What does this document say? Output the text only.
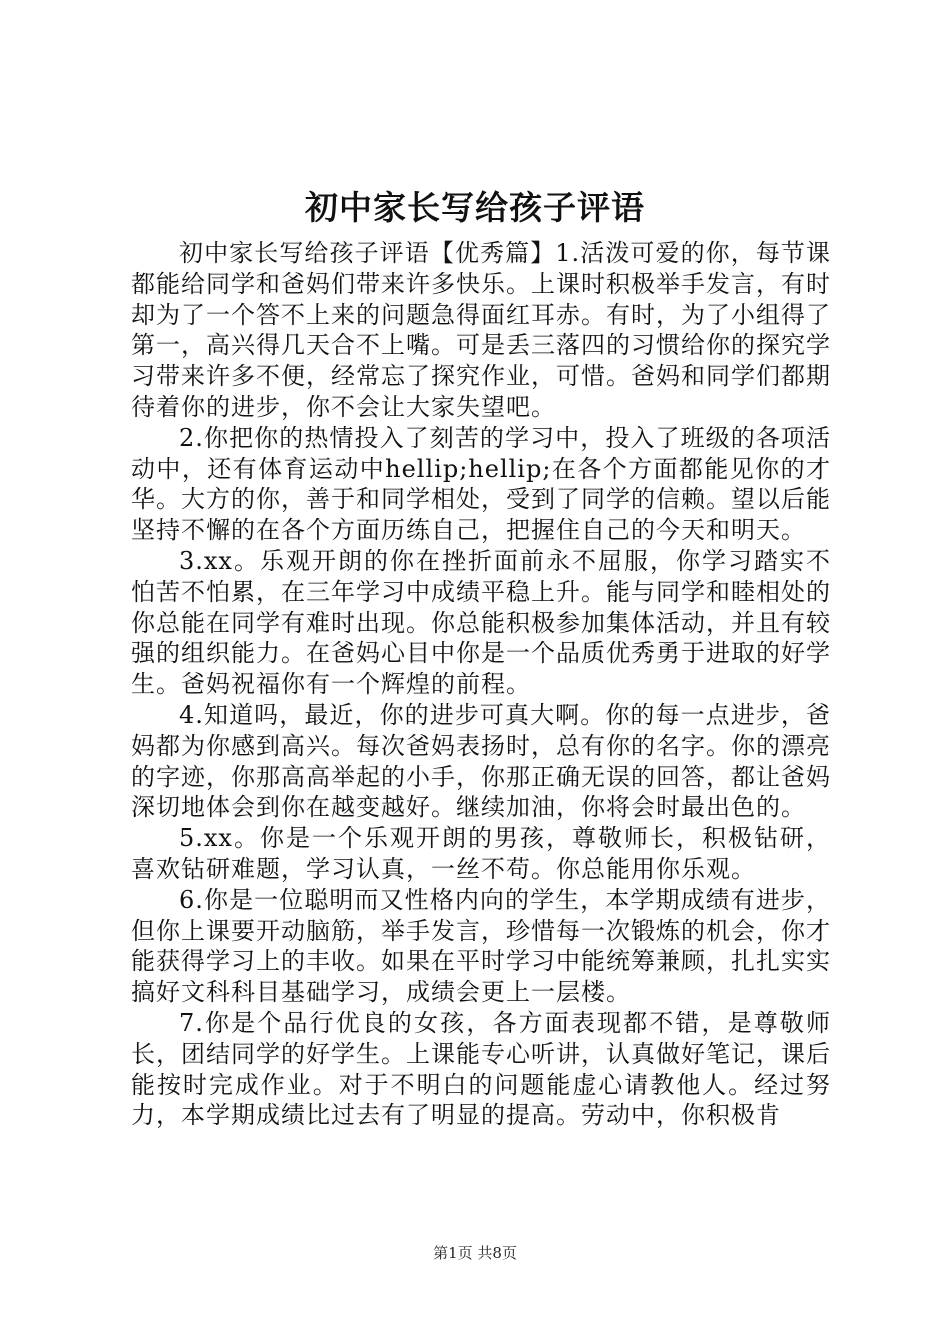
初中家长写给孩子评语

初中家长写给孩子评语【优秀篇】1.活泼可爱的你，每节课都能给同学和爸妈们带来许多快乐。上课时积极举手发言，有时却为了一个答不上来的问题急得面红耳赤。有时，为了小组得了第一，高兴得几天合不上嘴。可是丢三落四的习惯给你的探究学习带来许多不便，经常忘了探究作业，可惜。爸妈和同学们都期待着你的进步，你不会让大家失望吧。

2.你把你的热情投入了刻苦的学习中，投入了班级的各项活动中，还有体育运动中hellip;hellip;在各个方面都能见你的才华。大方的你，善于和同学相处，受到了同学的信赖。望以后能坚持不懈的在各个方面历练自己，把握住自己的今天和明天。

3.xx。乐观开朗的你在挫折面前永不屈服，你学习踏实不怕苦不怕累，在三年学习中成绩平稳上升。能与同学和睦相处的你总能在同学有难时出现。你总能积极参加集体活动，并且有较强的组织能力。在爸妈心目中你是一个品质优秀勇于进取的好学生。爸妈祝福你有一个辉煌的前程。

4.知道吗，最近，你的进步可真大啊。你的每一点进步，爸妈都为你感到高兴。每次爸妈表扬时，总有你的名字。你的漂亮的字迹，你那高高举起的小手，你那正确无误的回答，都让爸妈深切地体会到你在越变越好。继续加油，你将会时最出色的。

5.xx。你是一个乐观开朗的男孩，尊敬师长，积极钻研，喜欢钻研难题，学习认真，一丝不苟。你总能用你乐观。

6.你是一位聪明而又性格内向的学生，本学期成绩有进步，但你上课要开动脑筋，举手发言，珍惜每一次锻炼的机会，你才能获得学习上的丰收。如果在平时学习中能统筹兼顾，扎扎实实搞好文科科目基础学习，成绩会更上一层楼。

7.你是个品行优良的女孩，各方面表现都不错，是尊敬师长，团结同学的好学生。上课能专心听讲，认真做好笔记，课后能按时完成作业。对于不明白的问题能虚心请教他人。经过努力，本学期成绩比过去有了明显的提高。劳动中，你积极肯

第1页 共8页
